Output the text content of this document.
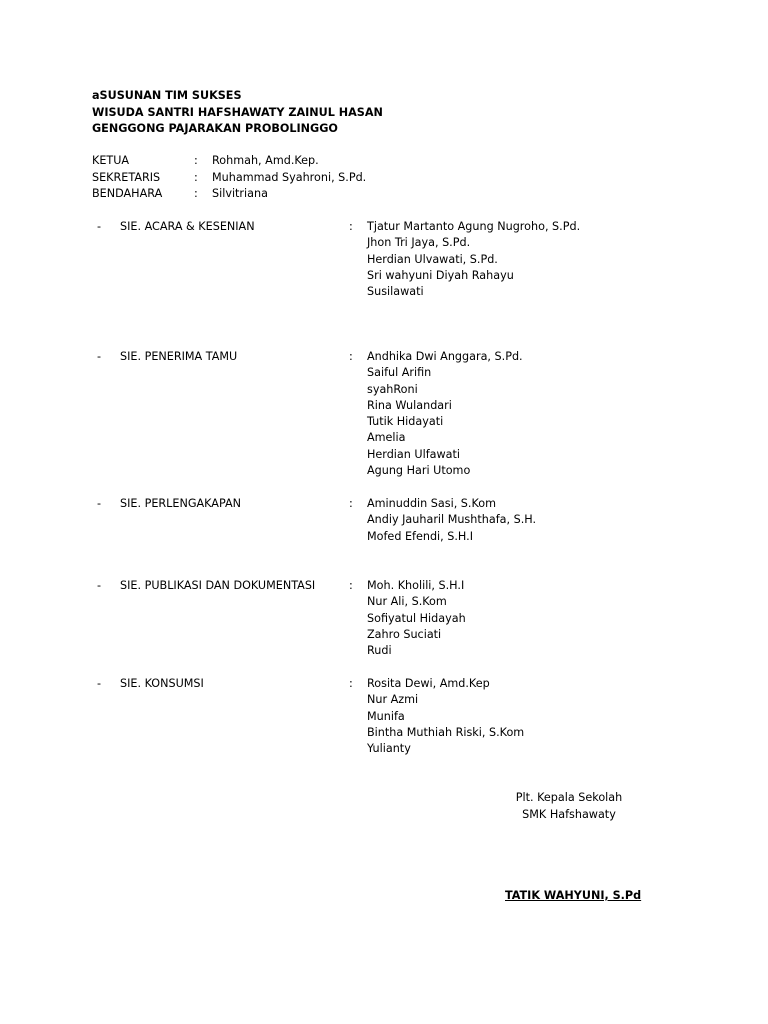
aSUSUNAN TIM SUKSES
WISUDA SANTRI HAFSHAWATY ZAINUL HASAN
GENGGONG PAJARAKAN PROBOLINGGO
KETUA	: Rohmah, Amd.Kep.
SEKRETARIS	: Muhammad Syahroni, S.Pd.
BENDAHARA	: Silvitriana
- SIE. ACARA & KESENIAN	: Tjatur Martanto Agung Nugroho, S.Pd.
Jhon Tri Jaya, S.Pd.
Herdian Ulvawati, S.Pd.
Sri wahyuni Diyah Rahayu
Susilawati
- SIE. PENERIMA TAMU	: Andhika Dwi Anggara, S.Pd.
Saiful Arifin
syahRoni
Rina Wulandari
Tutik Hidayati
Amelia
Herdian Ulfawati
Agung Hari Utomo
- SIE. PERLENGAKAPAN	: Aminuddin Sasi, S.Kom
Andiy Jauharil Mushthafa, S.H.
Mofed Efendi, S.H.I
- SIE. PUBLIKASI DAN DOKUMENTASI	: Moh. Kholili, S.H.I
Nur Ali, S.Kom
Sofiyatul Hidayah
Zahro Suciati
Rudi
- SIE. KONSUMSI	: Rosita Dewi, Amd.Kep
Nur Azmi
Munifa
Bintha Muthiah Riski, S.Kom
Yulianty
Plt. Kepala Sekolah
SMK Hafshawaty
TATIK WAHYUNI, S.Pd
